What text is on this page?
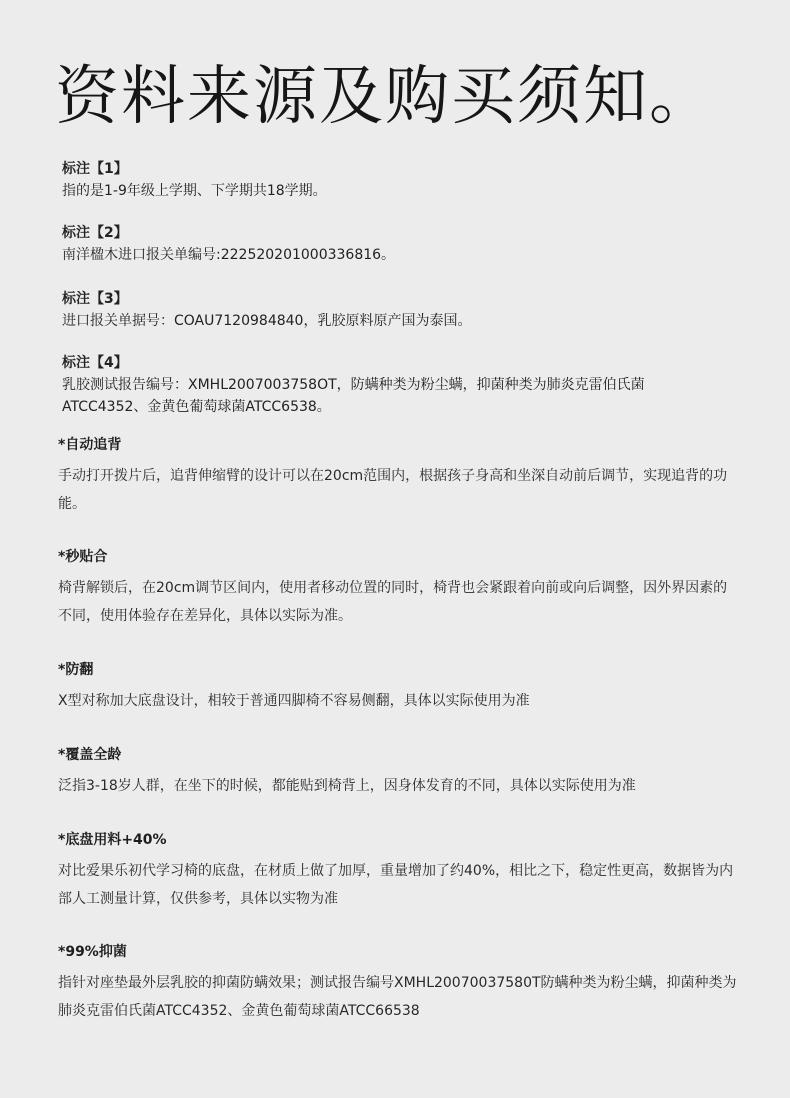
资料来源及购买须知。
标注【1】
指的是1-9年级上学期、下学期共18学期。
标注【2】
南洋楹木进口报关单编号:222520201000336816。
标注【3】
进口报关单据号：COAU7120984840，乳胶原料原产国为泰国。
标注【4】
乳胶测试报告编号：XMHL2007003758OT，防螨种类为粉尘螨，抑菌种类为肺炎克雷伯氏菌
ATCC4352、金黄色葡萄球菌ATCC6538。
*自动追背
手动打开拨片后，追背伸缩臂的设计可以在20cm范围内，根据孩子身高和坐深自动前后调节，实现追背的功能。
*秒贴合
椅背解锁后，在20cm调节区间内，使用者移动位置的同时，椅背也会紧跟着向前或向后调整，因外界因素的不同，使用体验存在差异化，具体以实际为准。
*防翻
X型对称加大底盘设计，相较于普通四脚椅不容易侧翻，具体以实际使用为准
*覆盖全龄
泛指3-18岁人群，在坐下的时候，都能贴到椅背上，因身体发育的不同，具体以实际使用为准
*底盘用料+40%
对比爱果乐初代学习椅的底盘，在材质上做了加厚，重量增加了约40%，相比之下，稳定性更高，数据皆为内部人工测量计算，仅供参考，具体以实物为准
*99%抑菌
指针对座垫最外层乳胶的抑菌防螨效果；测试报告编号XMHL20070037580T防螨种类为粉尘螨，抑菌种类为肺炎克雷伯氏菌ATCC4352、金黄色葡萄球菌ATCC66538
